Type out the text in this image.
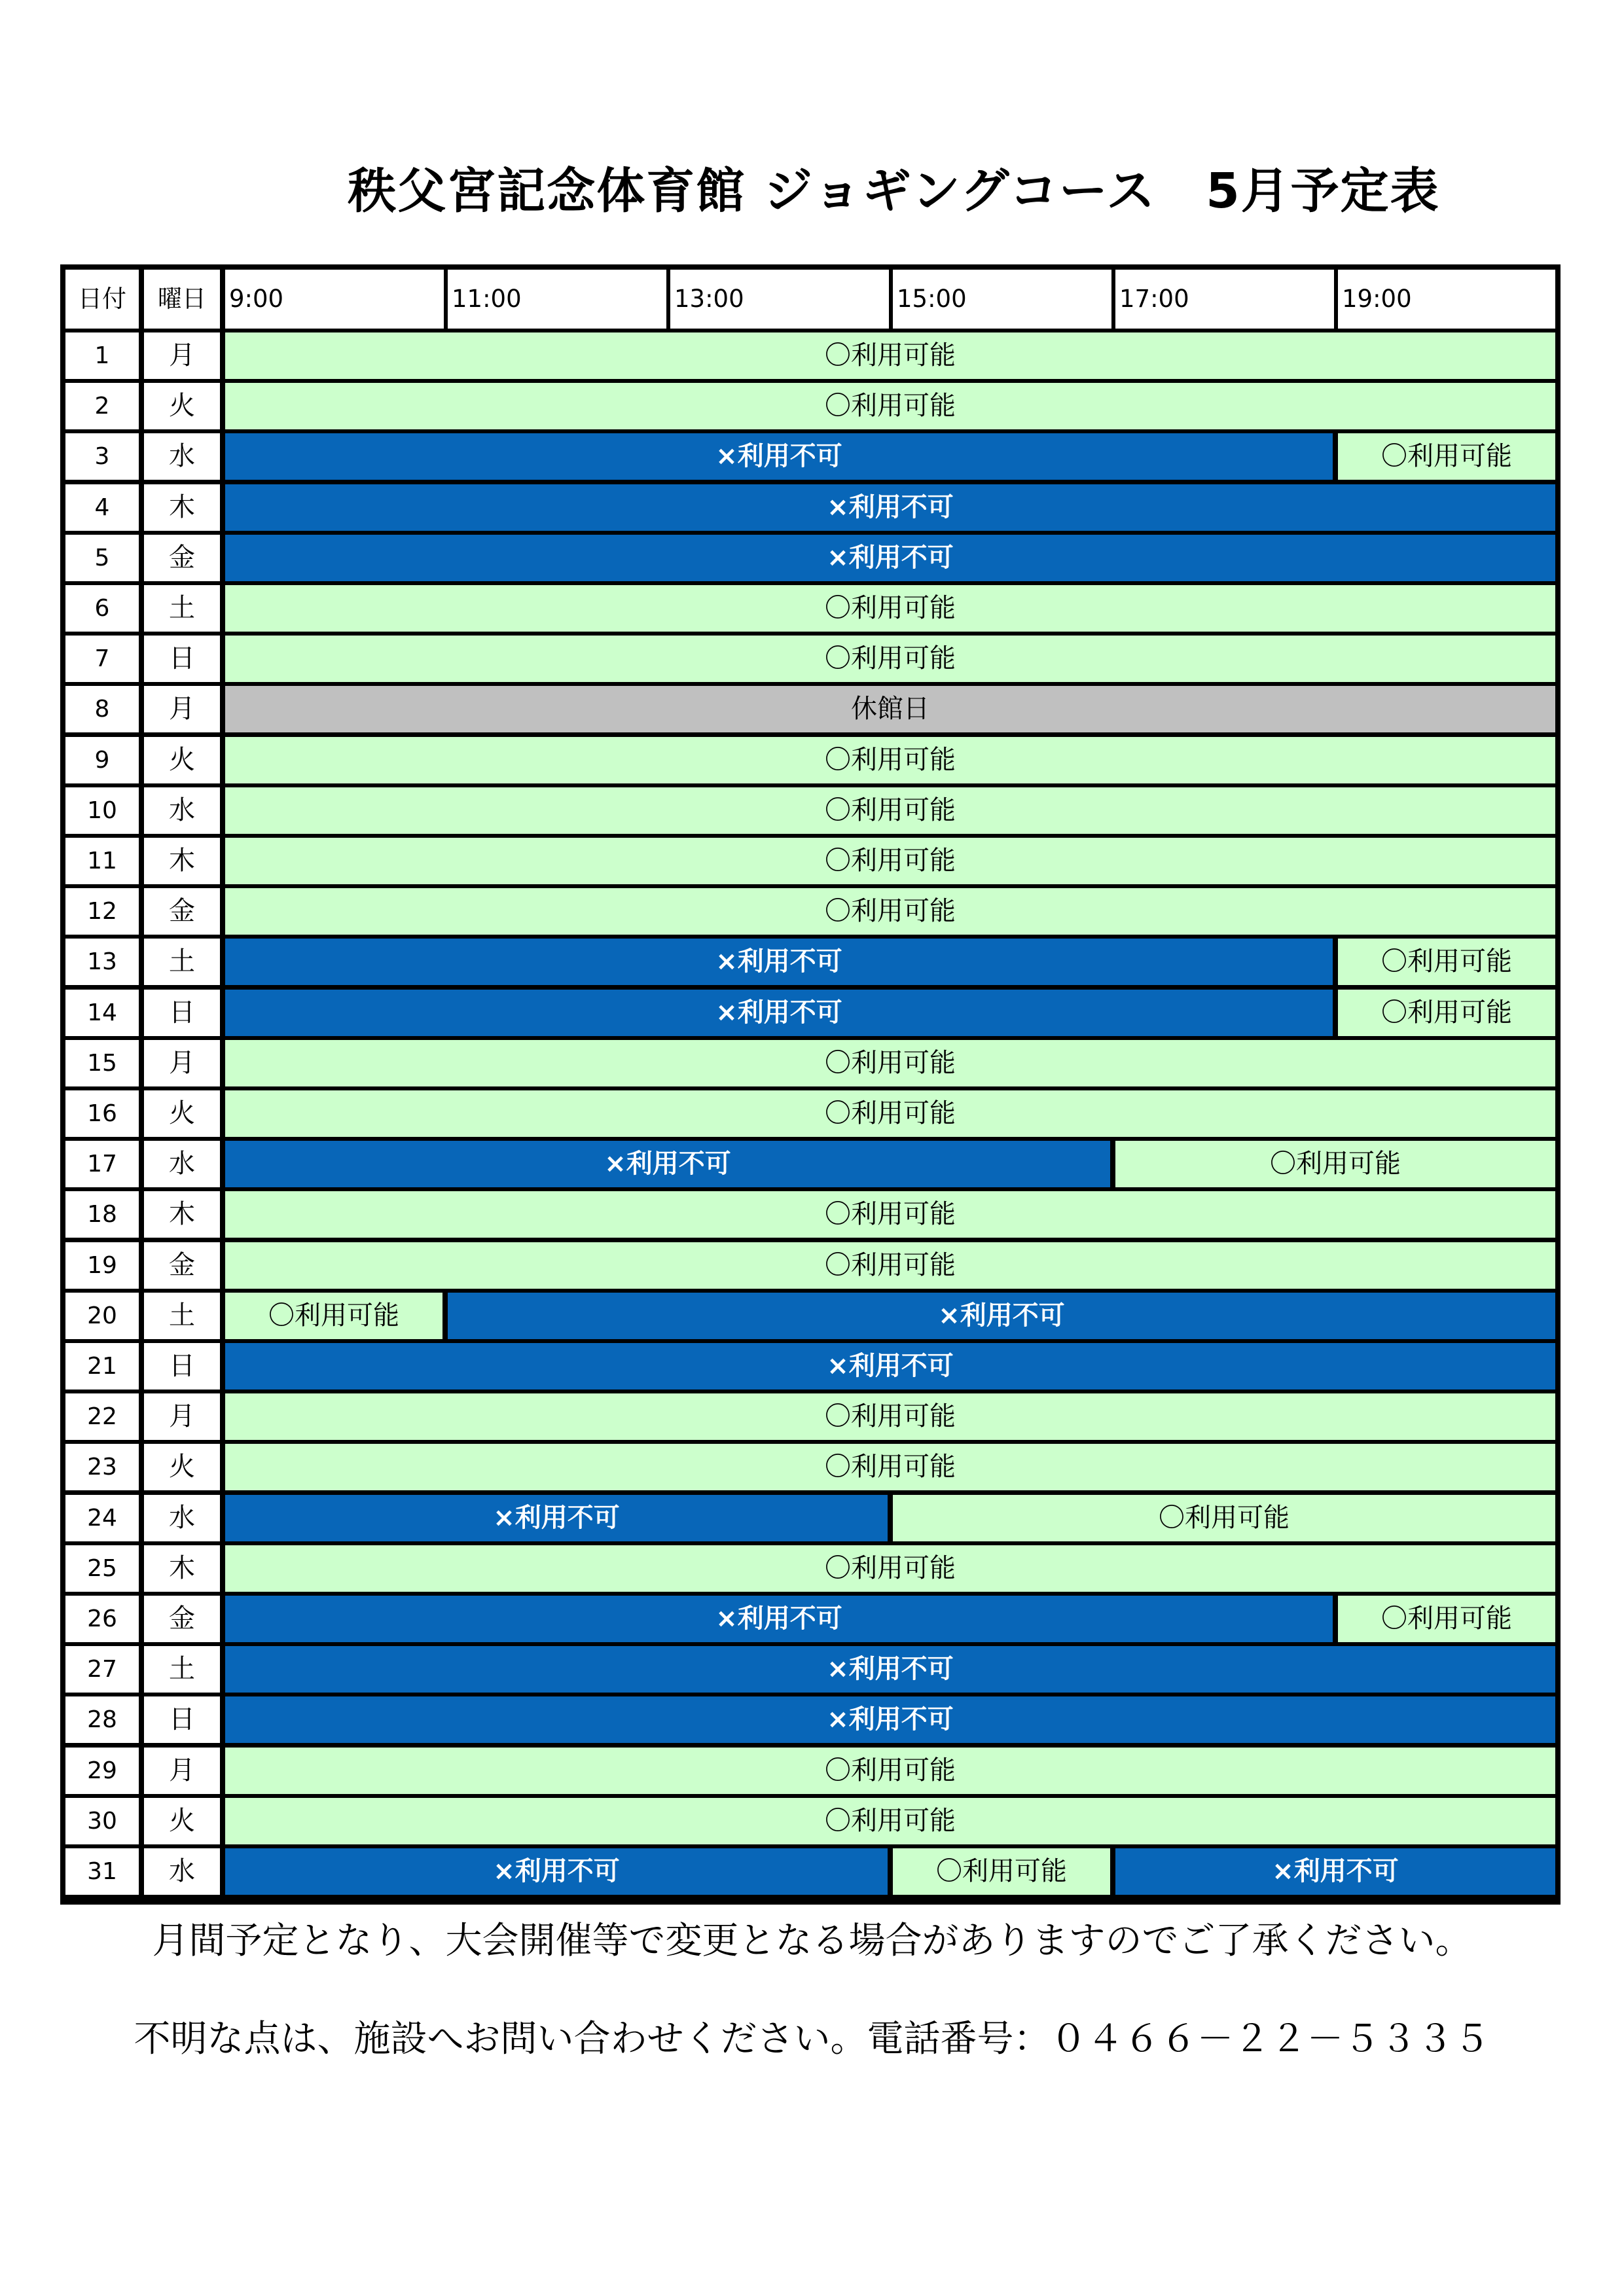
秩父宮記念体育館 ジョギングコース　5月予定表
日付	曜日 9:00	11:00	13:00	15:00	17:00	19:00
1	月	〇利用可能
2	火	〇利用可能
3	水	×利用不可	〇利用可能
4	木	×利用不可
5	金	×利用不可
6	土	〇利用可能
7	日	〇利用可能
8	月	休館日
9	火	〇利用可能
10	水	〇利用可能
11	木	〇利用可能
12	金	〇利用可能
13	土	×利用不可	〇利用可能
14	日	×利用不可	〇利用可能
15	月	〇利用可能
16	火	〇利用可能
17	水	×利用不可	〇利用可能
18	木	〇利用可能
19	金	〇利用可能
20	土	〇利用可能	×利用不可
21	日	×利用不可
22	月	〇利用可能
23	火	〇利用可能
24	水	×利用不可	〇利用可能
25	木	〇利用可能
26	金	×利用不可	〇利用可能
27	土	×利用不可
28	日	×利用不可
29	月	〇利用可能
30	火	〇利用可能
31	水	×利用不可	〇利用可能	×利用不可
月間予定となり、大会開催等で変更となる場合がありますのでご了承ください。
不明な点は、施設へお問い合わせください。電話番号：０４６６－２２－５３３５
